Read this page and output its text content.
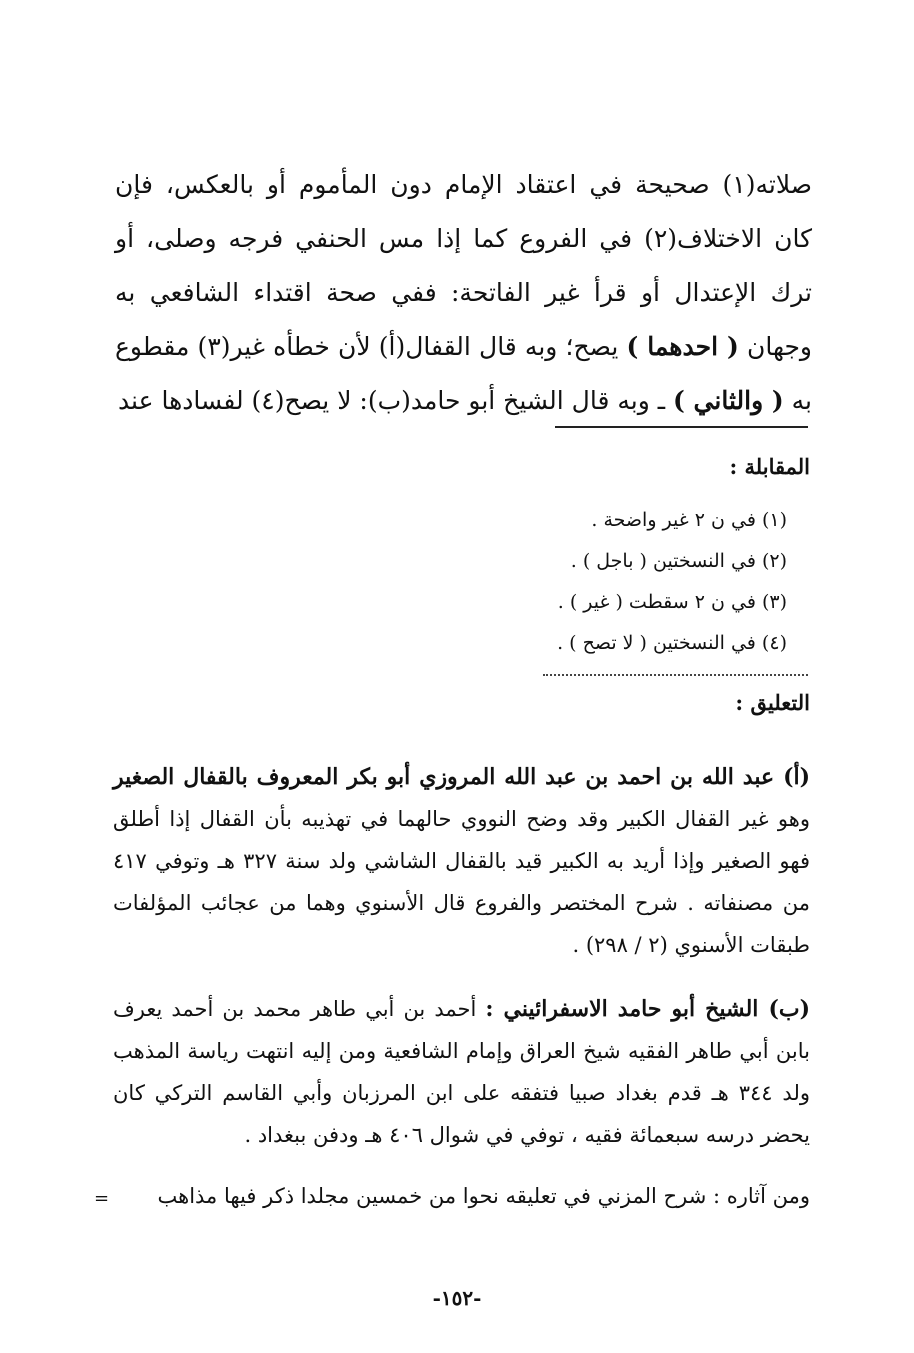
صلاته(١) صحيحة في اعتقاد الإمام دون المأموم أو بالعكس، فإن كان الاختلاف(٢) في الفروع كما إذا مس الحنفي فرجه وصلى، أو ترك الإعتدال أو قرأ غير الفاتحة: ففي صحة اقتداء الشافعي به وجهان ( احدهما ) يصح؛ وبه قال القفال(أ) لأن خطأه غير(٣) مقطوع به ( والثاني ) ـ وبه قال الشيخ أبو حامد(ب): لا يصح(٤) لفسادها عند

المقابلة :
(١) في ن ٢ غير واضحة .
(٢) في النسختين ( باجل ) .
(٣) في ن ٢ سقطت ( غير ) .
(٤) في النسختين ( لا تصح ) .
التعليق :
(أ) عبد الله بن احمد بن عبد الله المروزي أبو بكر المعروف بالقفال الصغير وهو غير القفال الكبير وقد وضح النووي حالهما في تهذيبه بأن القفال إذا أطلق فهو الصغير وإذا أريد به الكبير قيد بالقفال الشاشي ولد سنة ٣٢٧ هـ وتوفي ٤١٧ من مصنفاته . شرح المختصر والفروع قال الأسنوي وهما من عجائب المؤلفات طبقات الأسنوي (٢ / ٢٩٨) .
(ب) الشيخ أبو حامد الاسفرائيني : أحمد بن أبي طاهر محمد بن أحمد يعرف بابن أبي طاهر الفقيه شيخ العراق وإمام الشافعية ومن إليه انتهت رياسة المذهب ولد ٣٤٤ هـ قدم بغداد صبيا فتفقه على ابن المرزبان وأبي القاسم التركي كان يحضر درسه سبعمائة فقيه ، توفي في شوال ٤٠٦ هـ ودفن ببغداد .
ومن آثاره : شرح المزني في تعليقه نحوا من خمسين مجلدا ذكر فيها مذاهب
=
-١٥٢-
